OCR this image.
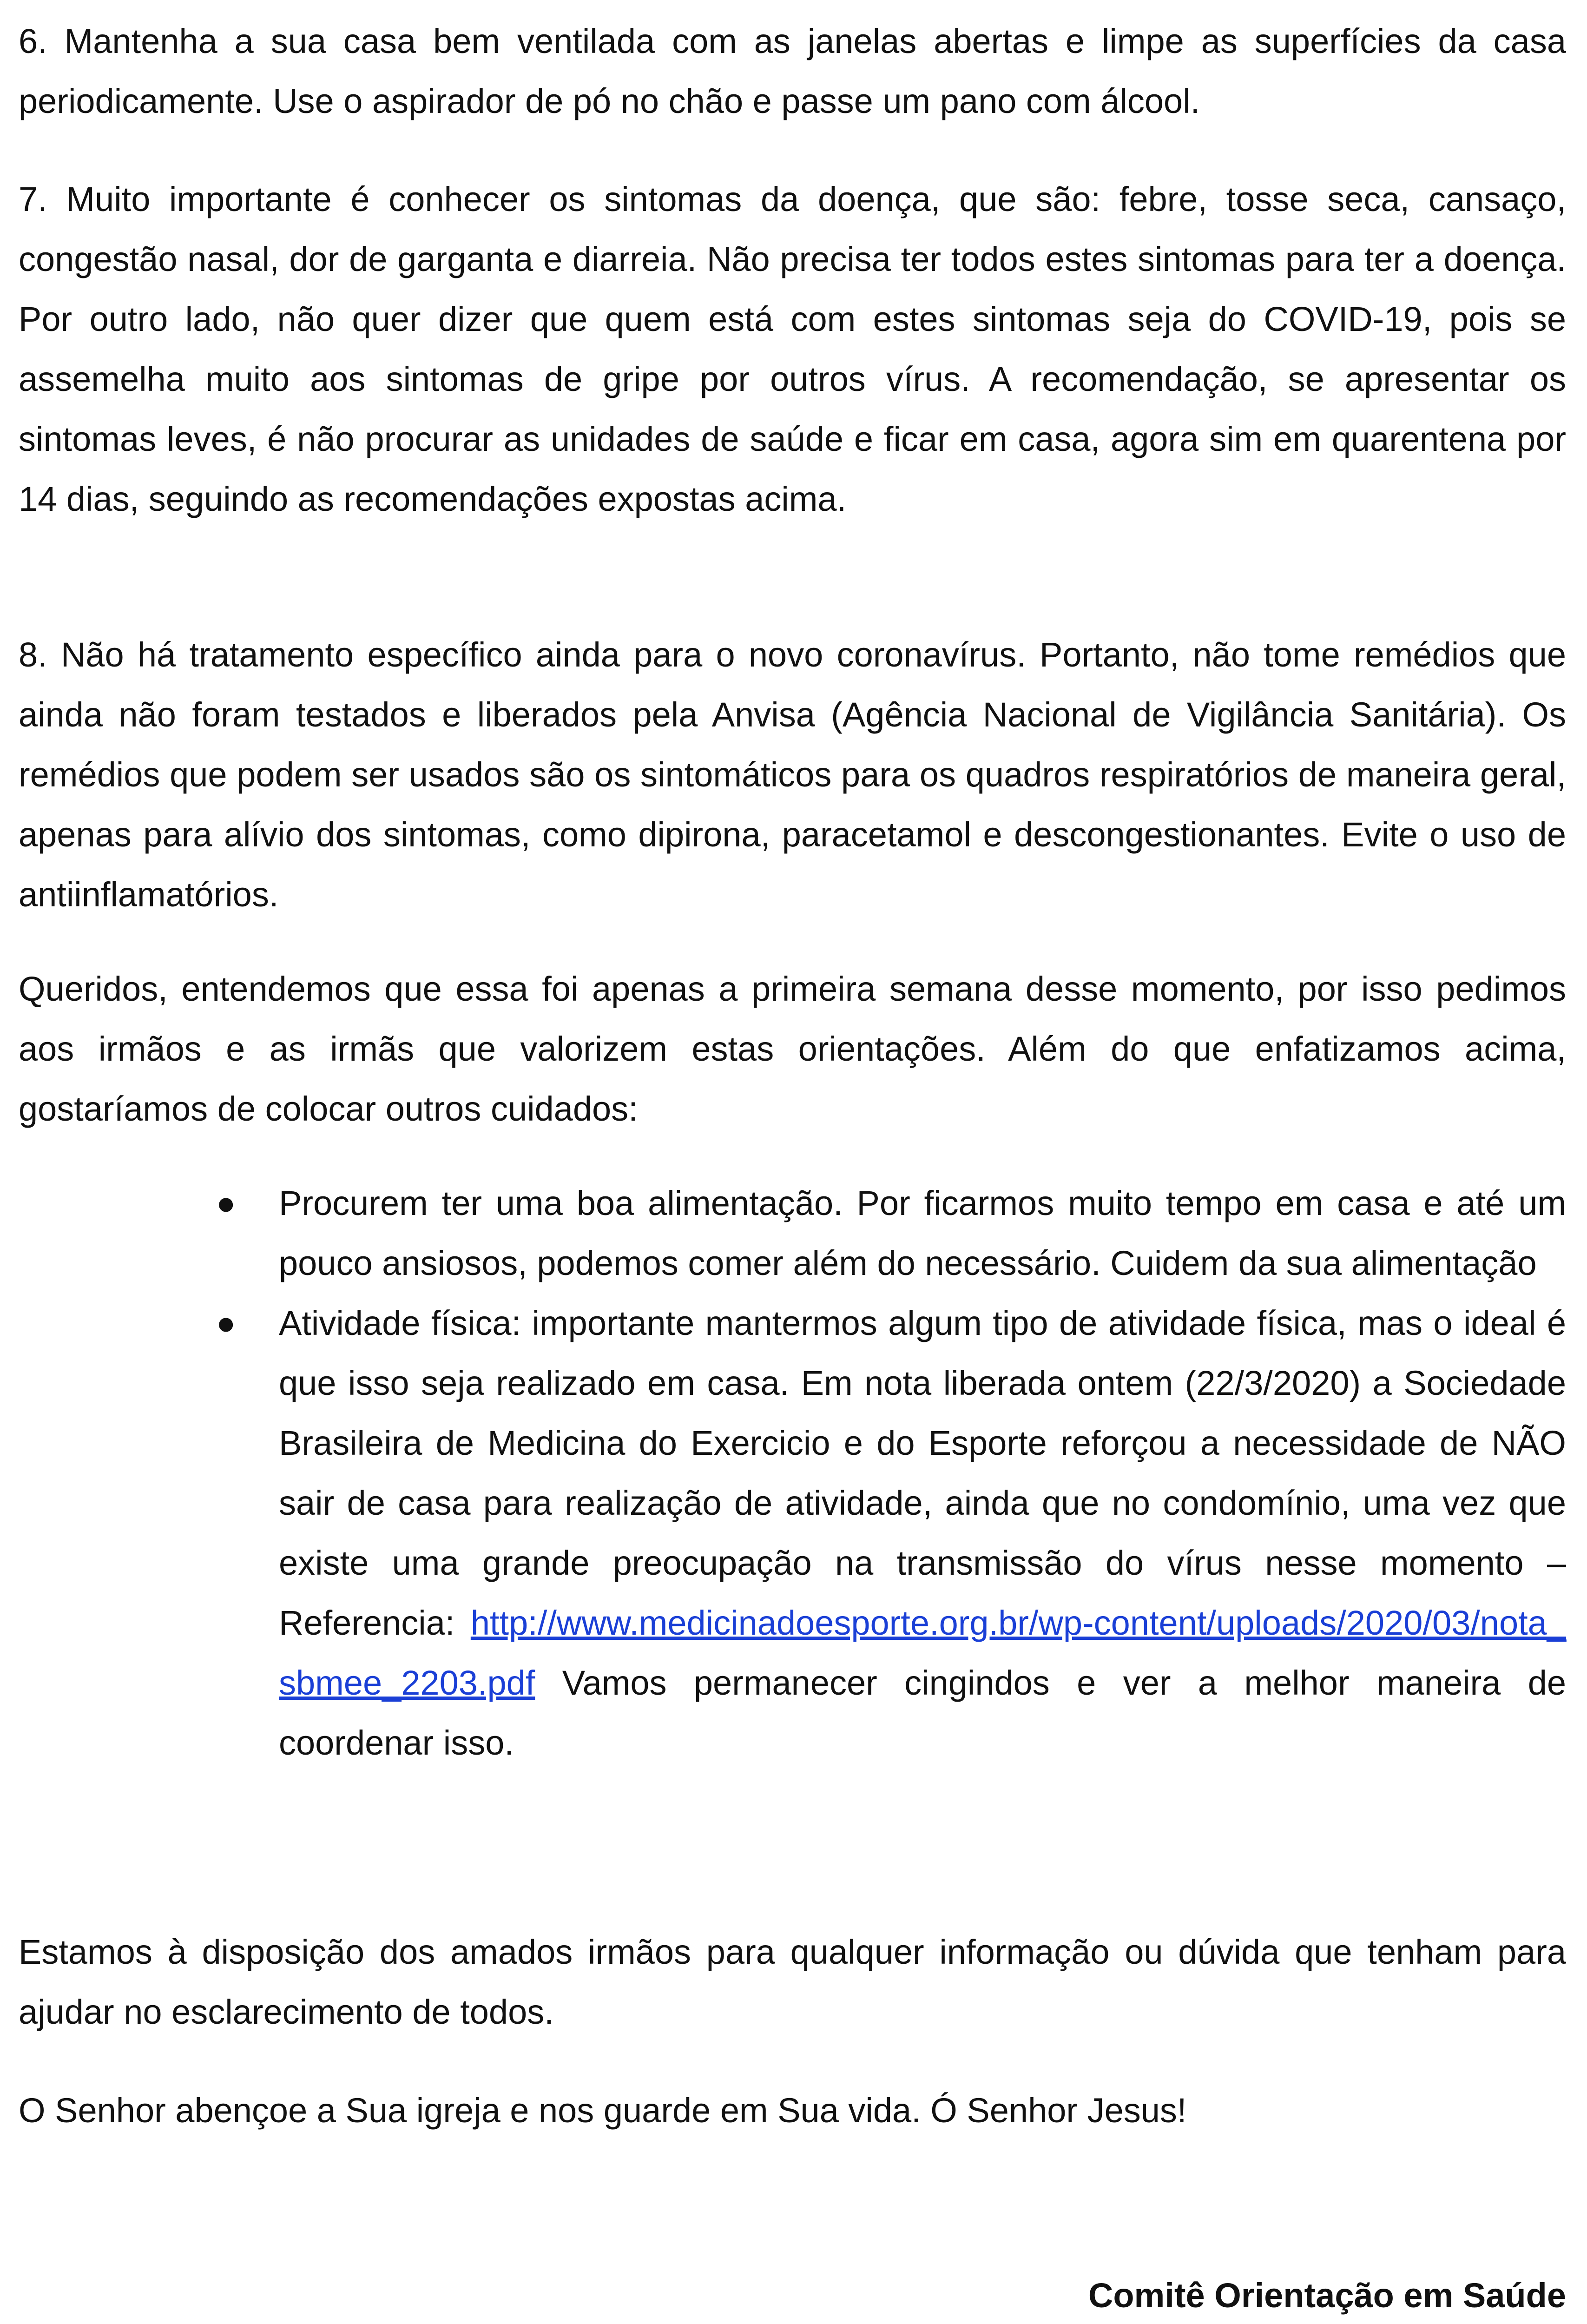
6. Mantenha a sua casa bem ventilada com as janelas abertas e limpe as superfícies da casa periodicamente. Use o aspirador de pó no chão e passe um pano com álcool.

7. Muito importante é conhecer os sintomas da doença, que são: febre, tosse seca, cansaço, congestão nasal, dor de garganta e diarreia. Não precisa ter todos estes sintomas para ter a doença. Por outro lado, não quer dizer que quem está com estes sintomas seja do COVID-19, pois se assemelha muito aos sintomas de gripe por outros vírus. A recomendação, se apresentar os sintomas leves, é não procurar as unidades de saúde e ficar em casa, agora sim em quarentena por 14 dias, seguindo as recomendações expostas acima.

8. Não há tratamento específico ainda para o novo coronavírus. Portanto, não tome remédios que ainda não foram testados e liberados pela Anvisa (Agência Nacional de Vigilância Sanitária). Os remédios que podem ser usados são os sintomáticos para os quadros respiratórios de maneira geral, apenas para alívio dos sintomas, como dipirona, paracetamol e descongestionantes. Evite o uso de antiinflamatórios.

Queridos, entendemos que essa foi apenas a primeira semana desse momento, por isso pedimos aos irmãos e as irmãs que valorizem estas orientações. Além do que enfatizamos acima, gostaríamos de colocar outros cuidados:

● Procurem ter uma boa alimentação. Por ficarmos muito tempo em casa e até um pouco ansiosos, podemos comer além do necessário. Cuidem da sua alimentação
● Atividade física: importante mantermos algum tipo de atividade física, mas o ideal é que isso seja realizado em casa. Em nota liberada ontem (22/3/2020) a Sociedade Brasileira de Medicina do Exercicio e do Esporte reforçou a necessidade de NÃO sair de casa para realização de atividade, ainda que no condomínio, uma vez que existe uma grande preocupação na transmissão do vírus nesse momento – Referencia: http://www.medicinadoesporte.org.br/wp-content/uploads/2020/03/nota_sbmee_2203.pdf Vamos permanecer cingindos e ver a melhor maneira de coordenar isso.

Estamos à disposição dos amados irmãos para qualquer informação ou dúvida que tenham para ajudar no esclarecimento de todos.

O Senhor abençoe a Sua igreja e nos guarde em Sua vida. Ó Senhor Jesus!

Comitê Orientação em Saúde
